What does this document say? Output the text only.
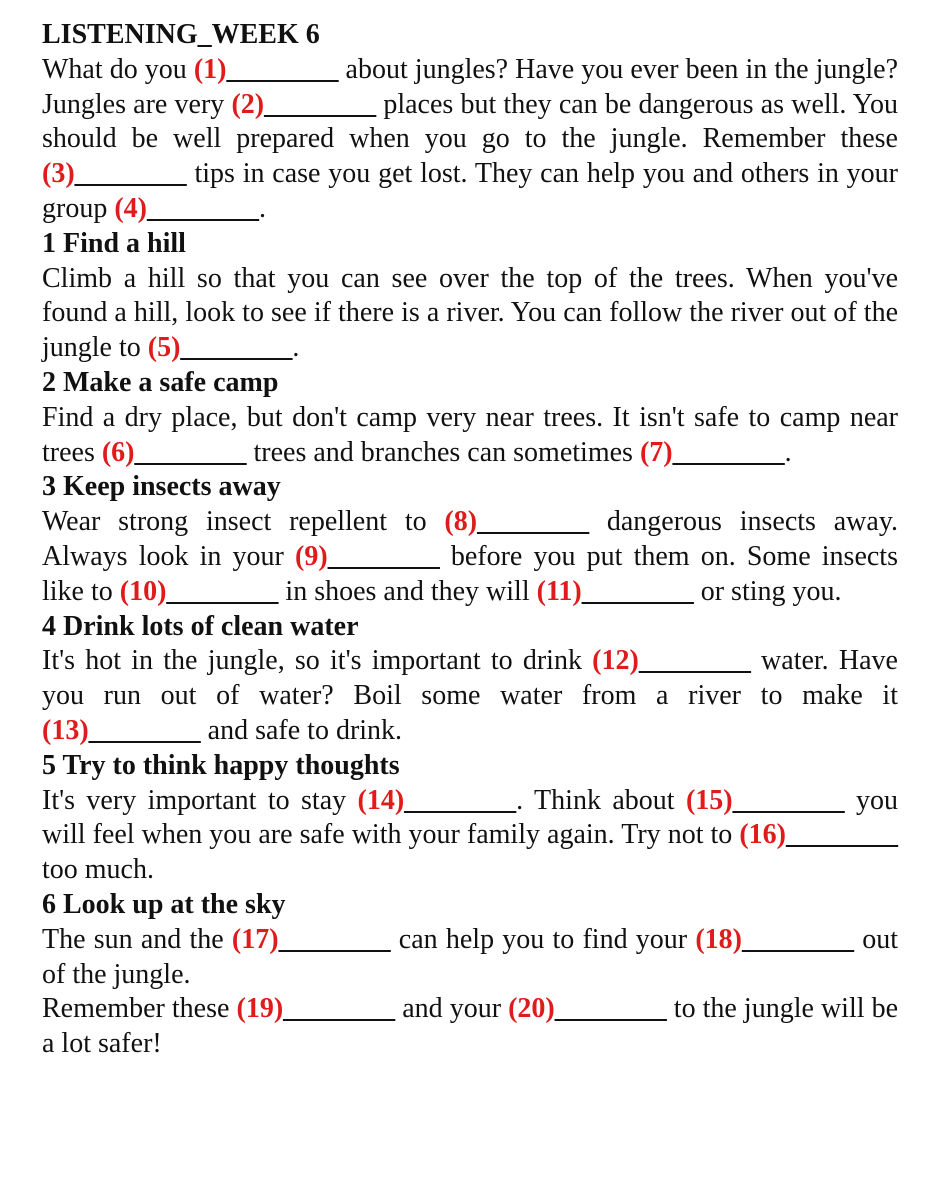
LISTENING_WEEK 6

What do you (1)________ about jungles? Have you ever been in the jungle? Jungles are very (2)________ places but they can be dangerous as well. You should be well prepared when you go to the jungle. Remember these (3)________ tips in case you get lost. They can help you and others in your group (4)________.

1 Find a hill

Climb a hill so that you can see over the top of the trees. When you've found a hill, look to see if there is a river. You can follow the river out of the jungle to (5)________.

2 Make a safe camp

Find a dry place, but don't camp very near trees. It isn't safe to camp near trees (6)________ trees and branches can sometimes (7)________.

3 Keep insects away

Wear strong insect repellent to (8)________ dangerous insects away. Always look in your (9)________ before you put them on. Some insects like to (10)________ in shoes and they will (11)________ or sting you.

4 Drink lots of clean water

It's hot in the jungle, so it's important to drink (12)________ water. Have you run out of water? Boil some water from a river to make it (13)________ and safe to drink.

5 Try to think happy thoughts

It's very important to stay (14)________. Think about (15)________ you will feel when you are safe with your family again. Try not to (16)________ too much.

6 Look up at the sky

The sun and the (17)________ can help you to find your (18)________ out of the jungle.

Remember these (19)________ and your (20)________ to the jungle will be a lot safer!
